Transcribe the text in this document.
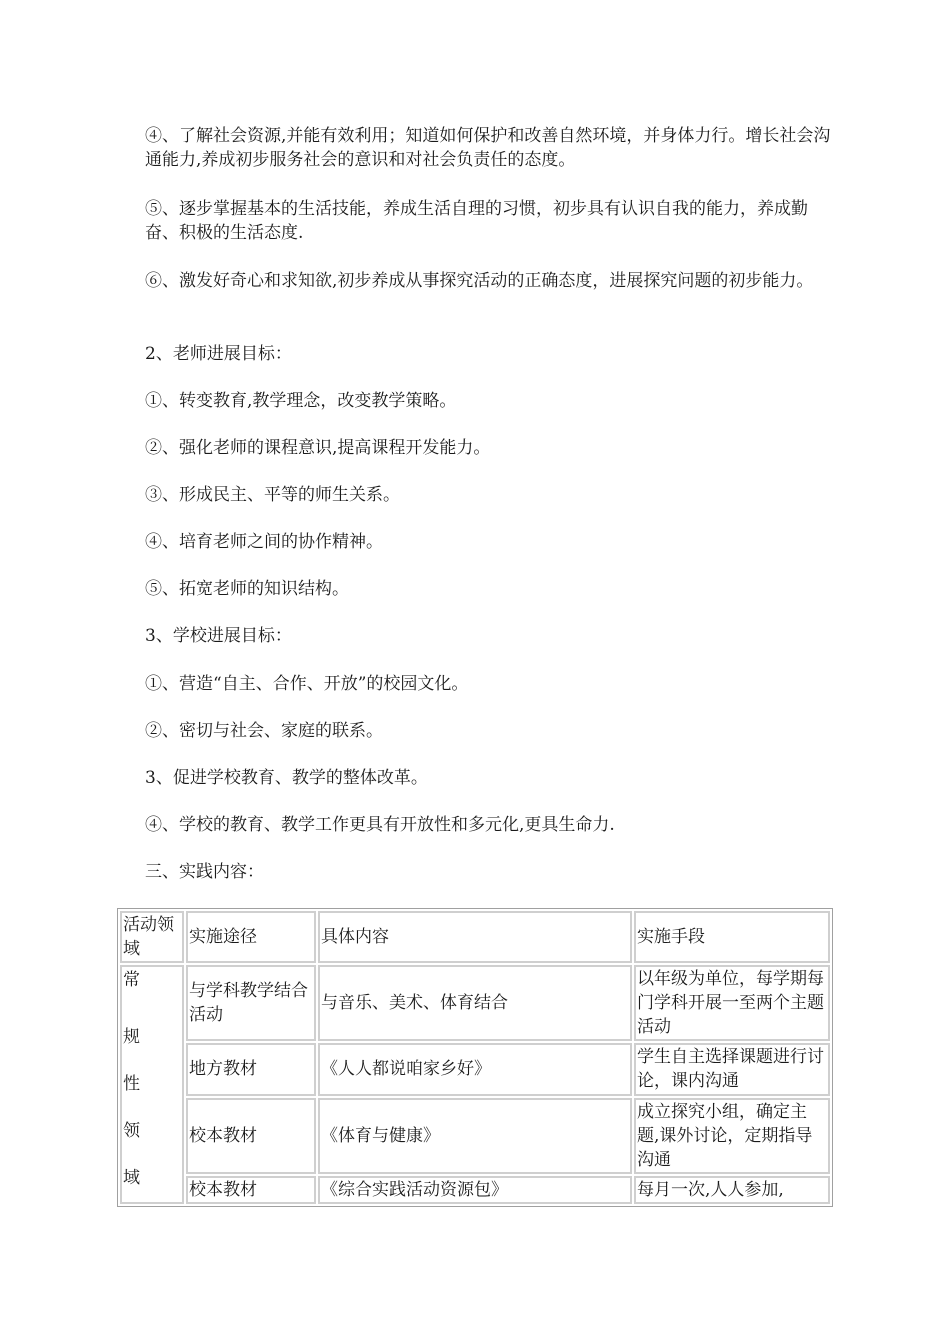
④、了解社会资源,并能有效利用；知道如何保护和改善自然环境，并身体力行。增长社会沟通能力,养成初步服务社会的意识和对社会负责任的态度。

⑤、逐步掌握基本的生活技能，养成生活自理的习惯，初步具有认识自我的能力，养成勤奋、积极的生活态度.

⑥、激发好奇心和求知欲,初步养成从事探究活动的正确态度，进展探究问题的初步能力。

2、老师进展目标：

①、转变教育,教学理念，改变教学策略。

②、强化老师的课程意识,提高课程开发能力。

③、形成民主、平等的师生关系。

④、培育老师之间的协作精神。

⑤、拓宽老师的知识结构。

3、学校进展目标：

①、营造“自主、合作、开放”的校园文化。

②、密切与社会、家庭的联系。

3、促进学校教育、教学的整体改革。

④、学校的教育、教学工作更具有开放性和多元化,更具生命力.

三、实践内容：

活动领域	实施途径	具体内容	实施手段

常
规
性
领
域	与学科教学结合活动	与音乐、美术、体育结合	以年级为单位，每学期每门学科开展一至两个主题活动
	地方教材	《人人都说咱家乡好》	学生自主选择课题进行讨论，课内沟通
	校本教材	《体育与健康》	成立探究小组，确定主题,课外讨论，定期指导沟通
	校本教材	《综合实践活动资源包》	每月一次,人人参加,
